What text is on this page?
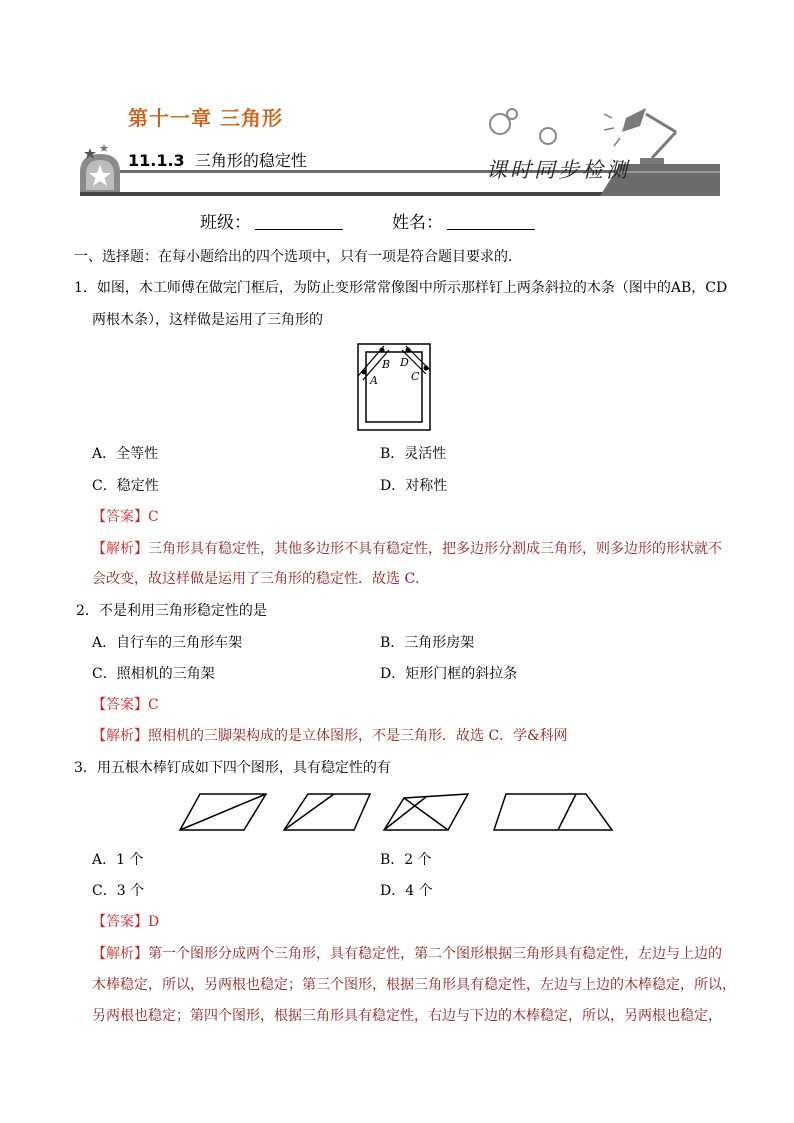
第十一章 三角形
11.1.3 三角形的稳定性	课时同步检测
班级：	姓名：
一、选择题：在每小题给出的四个选项中，只有一项是符合题目要求的．
1．如图，木工师傅在做完门框后，为防止变形常常像图中所示那样钉上两条斜拉的木条（图中的AB，CD
两根木条），这样做是运用了三角形的
A
B D
C
A．全等性	B．灵活性
C．稳定性	D．对称性
【答案】C
【解析】三角形具有稳定性，其他多边形不具有稳定性，把多边形分割成三角形，则多边形的形状就不
会改变，故这样做是运用了三角形的稳定性．故选 C．
2．不是利用三角形稳定性的是
A．自行车的三角形车架	B．三角形房架
C．照相机的三角架	D．矩形门框的斜拉条
【答案】C
【解析】照相机的三脚架构成的是立体图形，不是三角形．故选 C．学&科网
3．用五根木棒钉成如下四个图形，具有稳定性的有
A．1 个	B．2 个
C．3 个	D．4 个
【答案】D
【解析】第一个图形分成两个三角形，具有稳定性，第二个图形根据三角形具有稳定性，左边与上边的
木棒稳定，所以，另两根也稳定；第三个图形，根据三角形具有稳定性，左边与上边的木棒稳定，所以，
另两根也稳定；第四个图形，根据三角形具有稳定性，右边与下边的木棒稳定，所以，另两根也稳定，
